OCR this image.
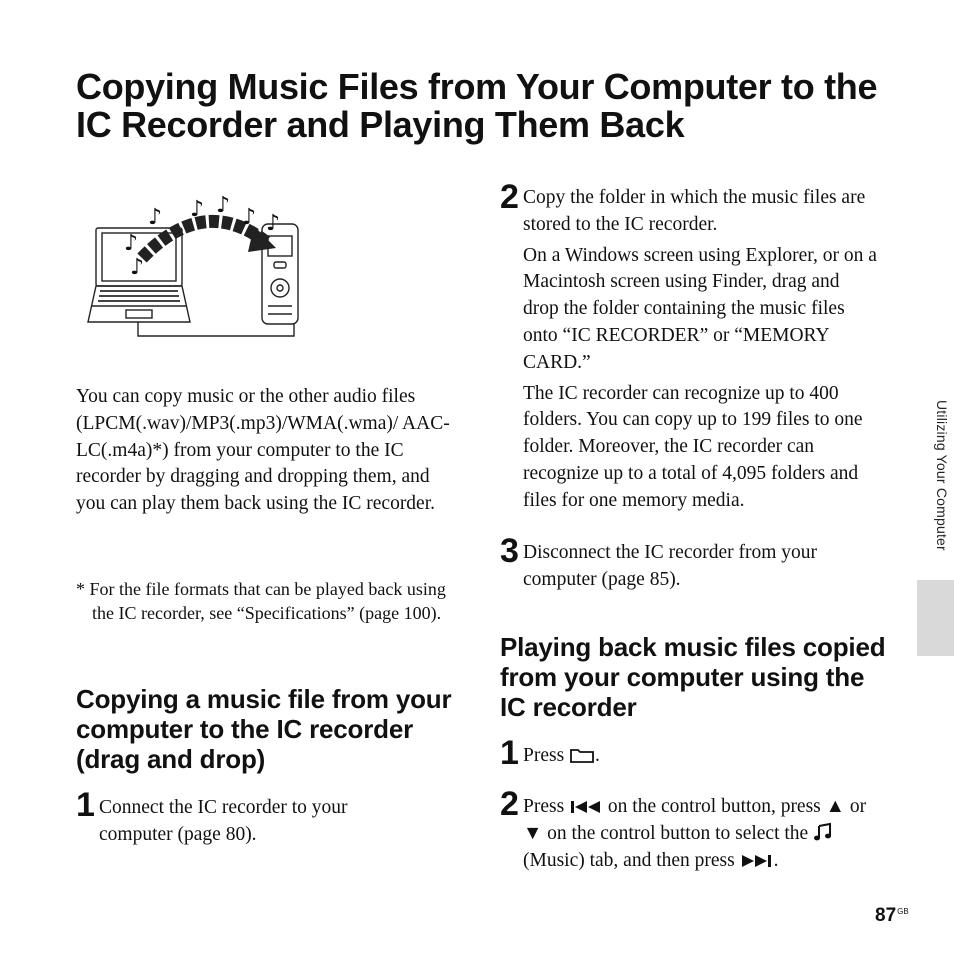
Copying Music Files from Your Computer to the IC Recorder and Playing Them Back
♪
♪
♪ ♪ ♪ ♪ ♪

You can copy music or the other audio files (LPCM(.wav)/MP3(.mp3)/WMA(.wma)/ AAC-LC(.m4a)*) from your computer to the IC recorder by dragging and dropping them, and you can play them back using the IC recorder.

* For the file formats that can be played back using the IC recorder, see “Specifications” (page 100).

Copying a music file from your computer to the IC recorder (drag and drop)
1 Connect the IC recorder to your computer (page 80).

2 Copy the folder in which the music files are stored to the IC recorder.

On a Windows screen using Explorer, or on a Macintosh screen using Finder, drag and drop the folder containing the music files onto “IC RECORDER” or “MEMORY CARD.”

The IC recorder can recognize up to 400 folders. You can copy up to 199 files to one folder. Moreover, the IC recorder can recognize up to a total of 4,095 folders and files for one memory media.

3 Disconnect the IC recorder from your computer (page 85).

Playing back music files copied from your computer using the IC recorder
1 Press .

2 Press on the control button, press ▲ or ▼ on the control button to select the  (Music) tab, and then press .

Utilizing Your Computer
$87^{GB}$
